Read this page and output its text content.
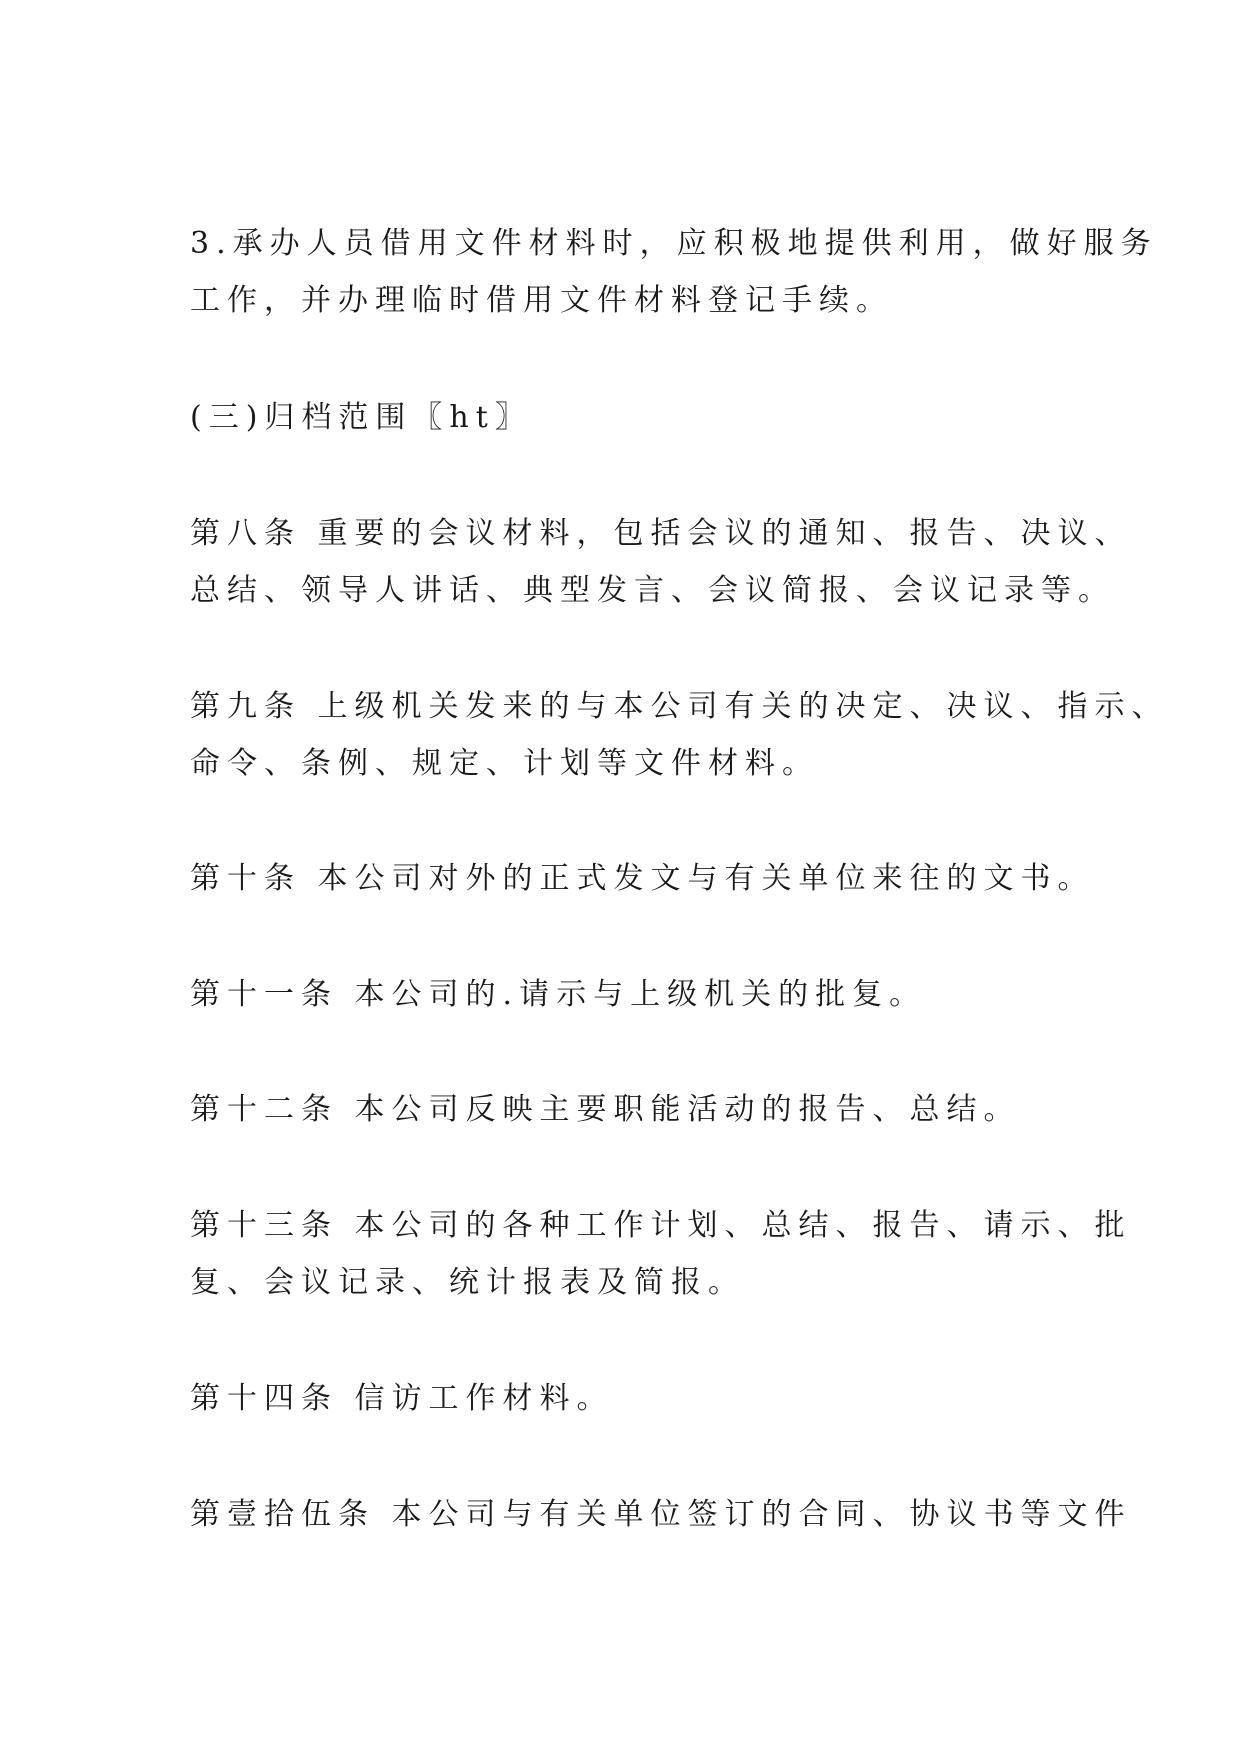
3.承办人员借用文件材料时，应积极地提供利用，做好服务

工作，并办理临时借用文件材料登记手续。

(三)归档范围〖ht〗

第八条 重要的会议材料，包括会议的通知、报告、决议、

总结、领导人讲话、典型发言、会议简报、会议记录等。

第九条 上级机关发来的与本公司有关的决定、决议、指示、

命令、条例、规定、计划等文件材料。

第十条 本公司对外的正式发文与有关单位来往的文书。

第十一条 本公司的.请示与上级机关的批复。

第十二条 本公司反映主要职能活动的报告、总结。

第十三条 本公司的各种工作计划、总结、报告、请示、批

复、会议记录、统计报表及简报。

第十四条 信访工作材料。

第壹拾伍条 本公司与有关单位签订的合同、协议书等文件
